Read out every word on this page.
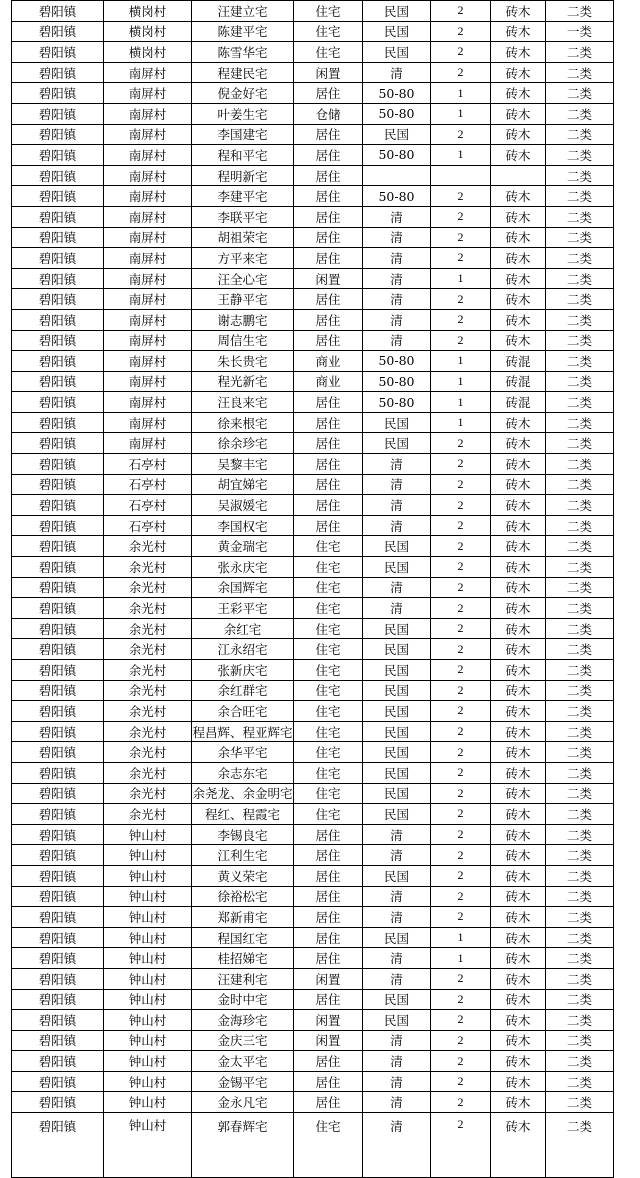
碧阳镇	横岗村	汪建立宅	住宅	民国	2	砖木	二类
碧阳镇	横岗村	陈建平宅	住宅	民国	2	砖木	一类
碧阳镇	横岗村	陈雪华宅	住宅	民国	2	砖木	二类
碧阳镇	南屏村	程建民宅	闲置	清	2	砖木	二类
碧阳镇	南屏村	倪金好宅	居住	50-80	1	砖木	二类
碧阳镇	南屏村	叶姜生宅	仓储	50-80	1	砖木	二类
碧阳镇	南屏村	李国建宅	居住	民国	2	砖木	二类
碧阳镇	南屏村	程和平宅	居住	50-80	1	砖木	二类
碧阳镇	南屏村	程明新宅	居住				二类
碧阳镇	南屏村	李建平宅	居住	50-80	2	砖木	二类
碧阳镇	南屏村	李联平宅	居住	清	2	砖木	二类
碧阳镇	南屏村	胡祖荣宅	居住	清	2	砖木	二类
碧阳镇	南屏村	方平来宅	居住	清	2	砖木	二类
碧阳镇	南屏村	汪全心宅	闲置	清	1	砖木	二类
碧阳镇	南屏村	王静平宅	居住	清	2	砖木	二类
碧阳镇	南屏村	谢志鹏宅	居住	清	2	砖木	二类
碧阳镇	南屏村	周信生宅	居住	清	2	砖木	二类
碧阳镇	南屏村	朱长贵宅	商业	50-80	1	砖混	二类
碧阳镇	南屏村	程光新宅	商业	50-80	1	砖混	二类
碧阳镇	南屏村	汪良来宅	居住	50-80	1	砖混	二类
碧阳镇	南屏村	徐来根宅	居住	民国	1	砖木	二类
碧阳镇	南屏村	徐余珍宅	居住	民国	2	砖木	二类
碧阳镇	石亭村	吴黎丰宅	居住	清	2	砖木	二类
碧阳镇	石亭村	胡宜娣宅	居住	清	2	砖木	二类
碧阳镇	石亭村	吴淑媛宅	居住	清	2	砖木	二类
碧阳镇	石亭村	李国权宅	居住	清	2	砖木	二类
碧阳镇	余光村	黄金瑞宅	住宅	民国	2	砖木	二类
碧阳镇	余光村	张永庆宅	住宅	民国	2	砖木	二类
碧阳镇	余光村	余国辉宅	住宅	清	2	砖木	二类
碧阳镇	余光村	王彩平宅	住宅	清	2	砖木	二类
碧阳镇	余光村	余红宅	住宅	民国	2	砖木	二类
碧阳镇	余光村	江永绍宅	住宅	民国	2	砖木	二类
碧阳镇	余光村	张新庆宅	住宅	民国	2	砖木	二类
碧阳镇	余光村	余红群宅	住宅	民国	2	砖木	二类
碧阳镇	余光村	余合旺宅	住宅	民国	2	砖木	二类
碧阳镇	余光村	程昌辉、程亚辉宅	住宅	民国	2	砖木	二类
碧阳镇	余光村	余华平宅	住宅	民国	2	砖木	二类
碧阳镇	余光村	余志东宅	住宅	民国	2	砖木	二类
碧阳镇	余光村	余尧龙、余金明宅	住宅	民国	2	砖木	二类
碧阳镇	余光村	程红、程霞宅	住宅	民国	2	砖木	二类
碧阳镇	钟山村	李锡良宅	居住	清	2	砖木	二类
碧阳镇	钟山村	江利生宅	居住	清	2	砖木	二类
碧阳镇	钟山村	黄义荣宅	居住	民国	2	砖木	二类
碧阳镇	钟山村	徐裕松宅	居住	清	2	砖木	二类
碧阳镇	钟山村	郑新甫宅	居住	清	2	砖木	二类
碧阳镇	钟山村	程国红宅	居住	民国	1	砖木	二类
碧阳镇	钟山村	桂招娣宅	居住	清	1	砖木	二类
碧阳镇	钟山村	汪建利宅	闲置	清	2	砖木	二类
碧阳镇	钟山村	金时中宅	居住	民国	2	砖木	二类
碧阳镇	钟山村	金海珍宅	闲置	民国	2	砖木	二类
碧阳镇	钟山村	金庆三宅	闲置	清	2	砖木	二类
碧阳镇	钟山村	金太平宅	居住	清	2	砖木	二类
碧阳镇	钟山村	金锡平宅	居住	清	2	砖木	二类
碧阳镇	钟山村	金永凡宅	居住	清	2	砖木	二类
碧阳镇	钟山村	郭春辉宅	住宅	清	2	砖木	二类
